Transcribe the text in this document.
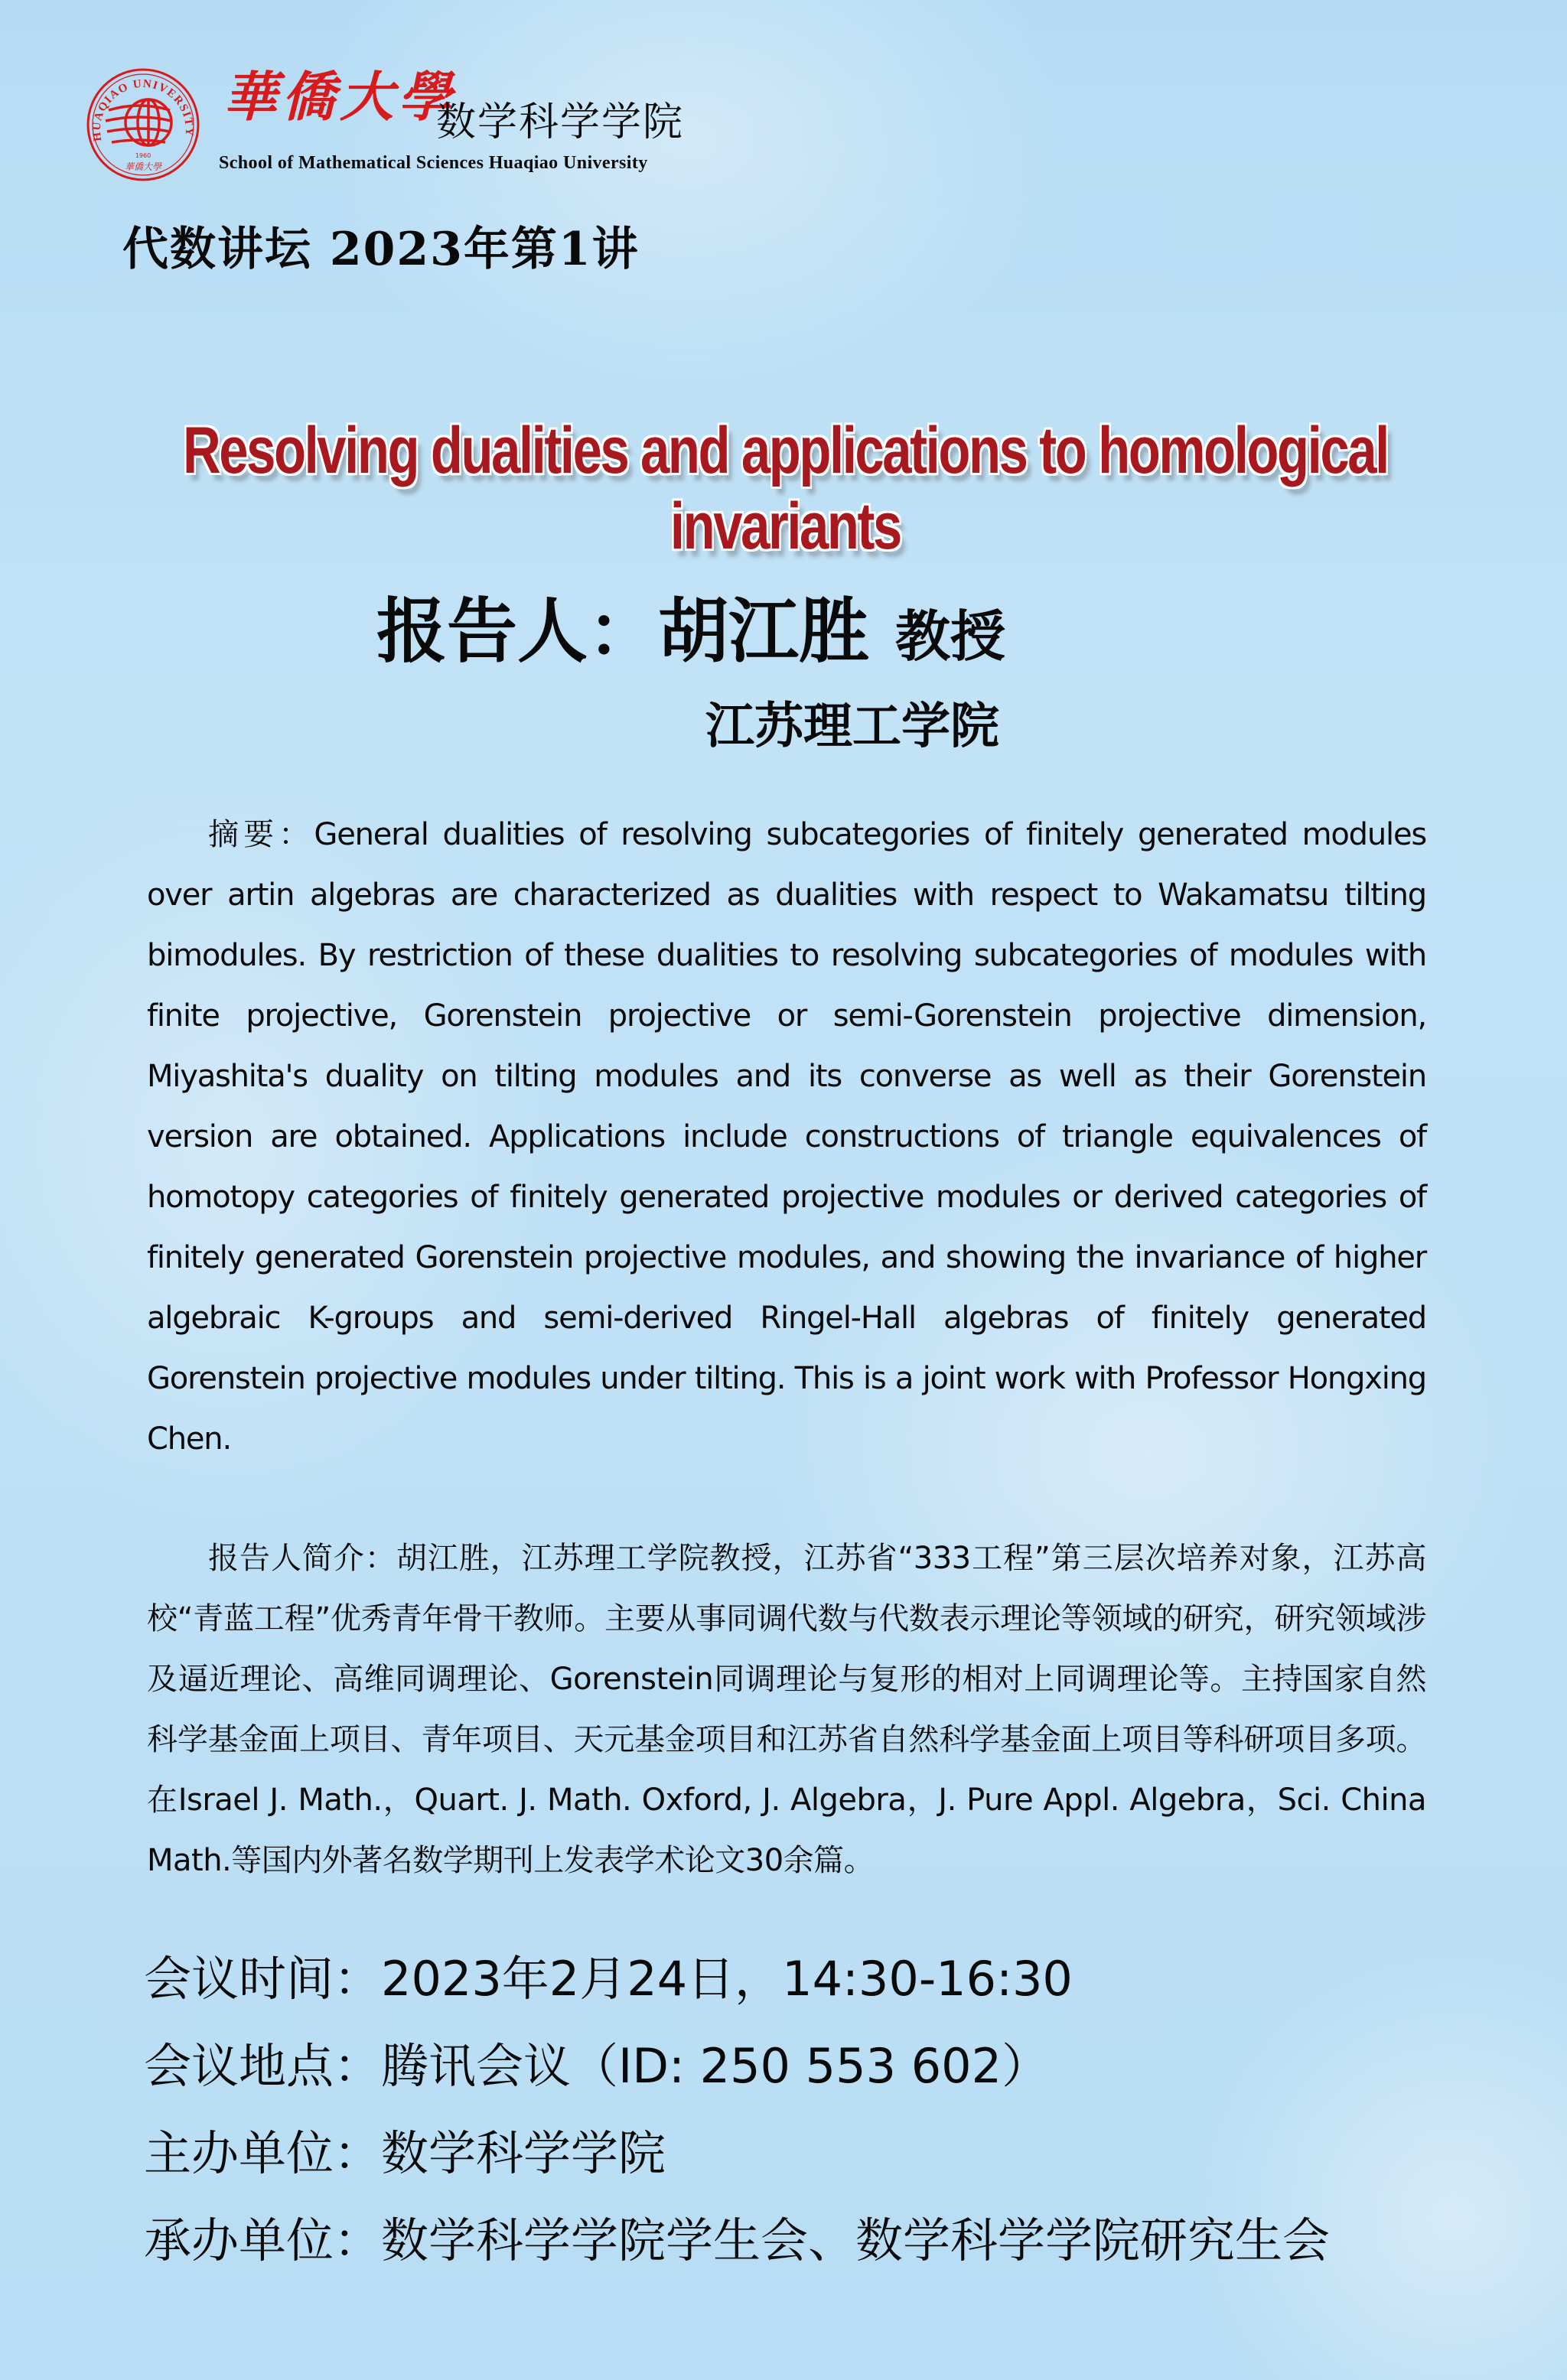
HUAQIAO UNIVERSITY
1960
華僑大學
華僑大學
数学科学学院
School of Mathematical Sciences Huaqiao University
代数讲坛 2023年第1讲
Resolving dualities and applications to homological invariants
报告人：胡江胜 教授
江苏理工学院
摘要：General dualities of resolving subcategories of finitely generated modules over artin algebras are characterized as dualities with respect to Wakamatsu tilting bimodules. By restriction of these dualities to resolving subcategories of modules with finite projective, Gorenstein projective or semi-Gorenstein projective dimension, Miyashita's duality on tilting modules and its converse as well as their Gorenstein version are obtained. Applications include constructions of triangle equivalences of homotopy categories of finitely generated projective modules or derived categories of finitely generated Gorenstein projective modules, and showing the invariance of higher algebraic K-groups and semi-derived Ringel-Hall algebras of finitely generated Gorenstein projective modules under tilting. This is a joint work with Professor Hongxing Chen.
报告人简介：胡江胜，江苏理工学院教授，江苏省“333工程”第三层次培养对象，江苏高校“青蓝工程”优秀青年骨干教师。主要从事同调代数与代数表示理论等领域的研究，研究领域涉及逼近理论、高维同调理论、Gorenstein同调理论与复形的相对上同调理论等。主持国家自然科学基金面上项目、青年项目、天元基金项目和江苏省自然科学基金面上项目等科研项目多项。在Israel J. Math.，Quart. J. Math. Oxford, J. Algebra，J. Pure Appl. Algebra，Sci. China Math.等国内外著名数学期刊上发表学术论文30余篇。
会议时间：2023年2月24日，14:30-16:30
会议地点：腾讯会议（ID: 250 553 602）
主办单位：数学科学学院
承办单位：数学科学学院学生会、数学科学学院研究生会
